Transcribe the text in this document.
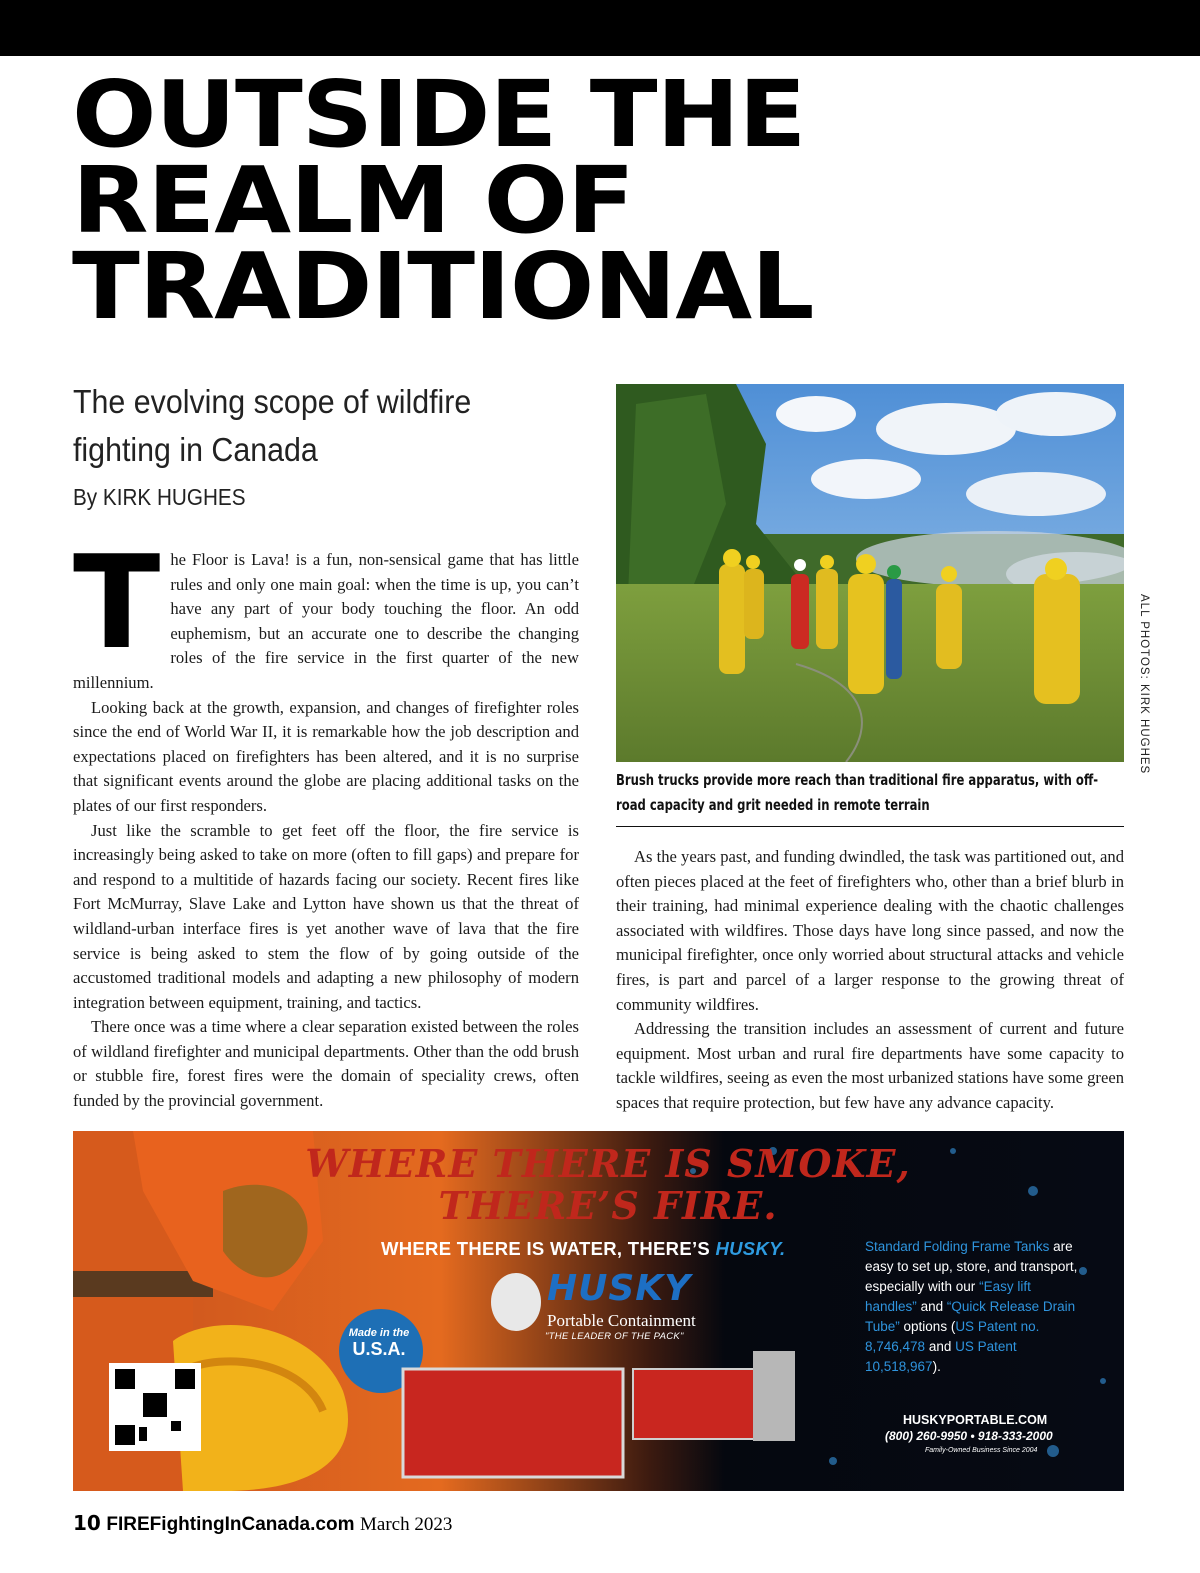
OUTSIDE THE
REALM OF
TRADITIONAL
The evolving scope of wildfire fighting in Canada
By KIRK HUGHES
T he Floor is Lava! is a fun, non-sensical game that has little rules and only one main goal: when the time is up, you can’t have any part of your body touching the floor. An odd euphemism, but an accurate one to describe the changing roles of the fire service in the first quarter of the new millennium.

Looking back at the growth, expansion, and changes of firefighter roles since the end of World War II, it is remarkable how the job description and expectations placed on firefighters has been altered, and it is no surprise that significant events around the globe are placing additional tasks on the plates of our first responders.

Just like the scramble to get feet off the floor, the fire service is increasingly being asked to take on more (often to fill gaps) and prepare for and respond to a multitide of hazards facing our society. Recent fires like Fort McMurray, Slave Lake and Lytton have shown us that the threat of wildland-urban interface fires is yet another wave of lava that the fire service is being asked to stem the flow of by going outside of the accustomed traditional models and adapting a new philosophy of modern integration between equipment, training, and tactics.

There once was a time where a clear separation existed between the roles of wildland firefighter and municipal departments. Other than the odd brush or stubble fire, forest fires were the domain of speciality crews, often funded by the provincial government.

ALL PHOTOS: KIRK HUGHES
Brush trucks provide more reach than traditional fire apparatus, with off-road capacity and grit needed in remote terrain

As the years past, and funding dwindled, the task was partitioned out, and often pieces placed at the feet of firefighters who, other than a brief blurb in their training, had minimal experience dealing with the chaotic challenges associated with wildfires. Those days have long since passed, and now the municipal firefighter, once only worried about structural attacks and vehicle fires, is part and parcel of a larger response to the growing threat of community wildfires.

Addressing the transition includes an assessment of current and future equipment. Most urban and rural fire departments have some capacity to tackle wildfires, seeing as even the most urbanized stations have some green spaces that require protection, but few have any advance capacity.

WHERE THERE IS SMOKE,
THERE’S FIRE.
WHERE THERE IS WATER, THERE’S HUSKY.
HUSKY
Portable Containment
"THE LEADER OF THE PACK"
Made in the
U.S.A.
Standard Folding Frame Tanks are easy to set up, store, and transport, especially with our “Easy lift handles” and “Quick Release Drain Tube” options (US Patent no. 8,746,478 and US Patent 10,518,967).
HUSKYPORTABLE.COM
(800) 260-9950 • 918-333-2000
Family-Owned Business Since 2004
10 FIREFightingInCanada.com March 2023
